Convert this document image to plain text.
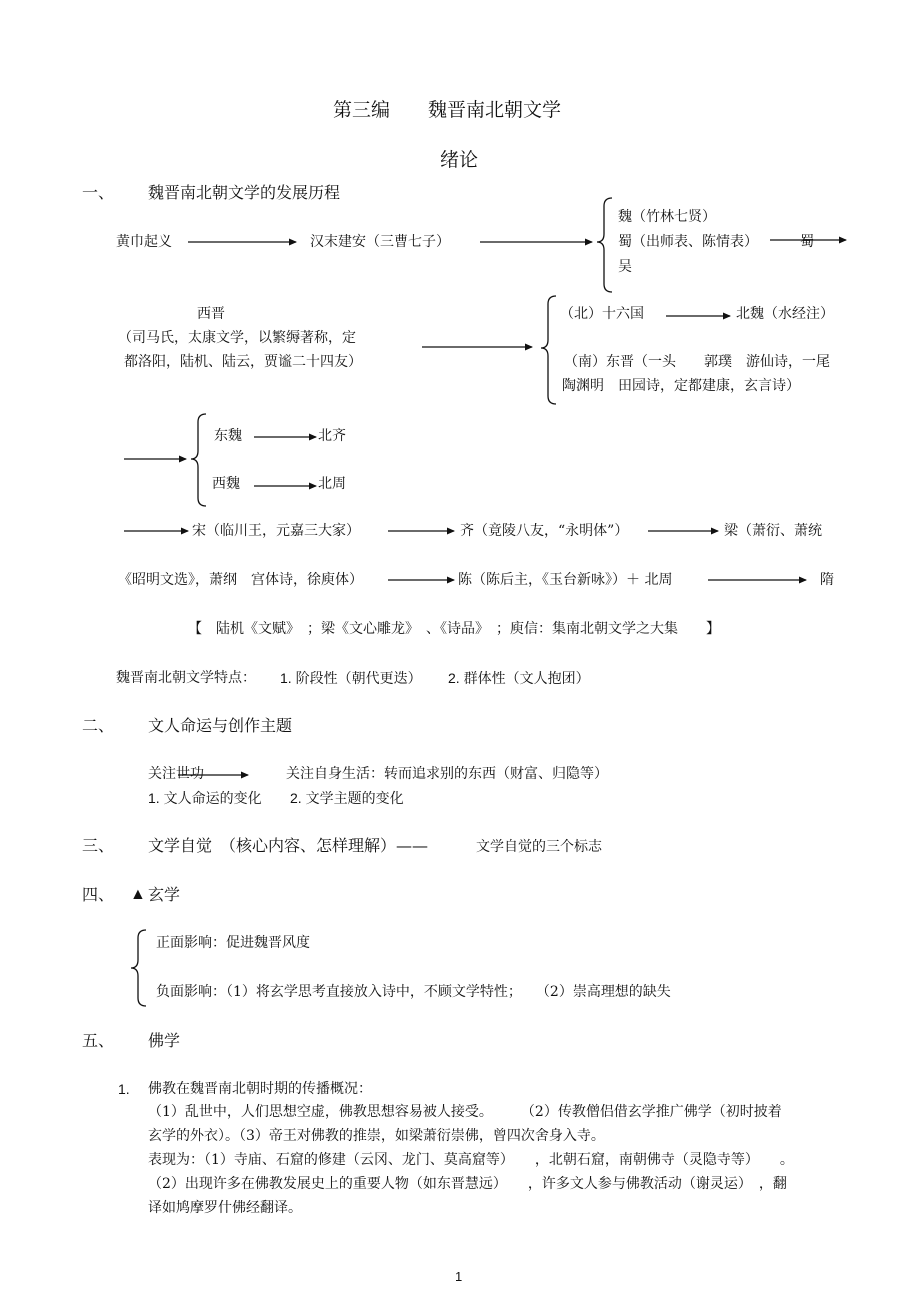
第三编　　魏晋南北朝文学
绪论
一、 魏晋南北朝文学的发展历程
黄巾起义	汉末建安（三曹七子）
魏（竹林七贤）
蜀（出师表、陈情表）	蜀
吴
西晋
（司马氏，太康文学，以繁缛著称，定
都洛阳，陆机、陆云，贾谧二十四友）
（北）十六国	北魏（水经注）
（南）东晋（一头　　郭璞　游仙诗，一尾
陶渊明　田园诗，定都建康，玄言诗）
东魏	北齐
西魏	北周
宋（临川王，元嘉三大家）	齐（竟陵八友，“永明体”）	梁（萧衍、萧统
《昭明文选》，萧纲　宫体诗，徐庾体）	陈（陈后主，《玉台新咏》）＋ 北周	隋
【　陆机《文赋》　；梁《文心雕龙》　、《诗品》　；庾信：集南北朝文学之大集　　】
魏晋南北朝文学特点： 1. 阶段性（朝代更迭） 2. 群体性（文人抱团）
二、 文人命运与创作主题
关注世功	关注自身生活：转而追求别的东西（财富、归隐等）
1. 文人命运的变化 2. 文学主题的变化
三、 文学自觉　（核心内容、怎样理解）——	文学自觉的三个标志
四、 ▲ 玄学
正面影响：促进魏晋风度
负面影响：（1）将玄学思考直接放入诗中，不顾文学特性；　　（2）崇高理想的缺失
五、 佛学
1. 佛教在魏晋南北朝时期的传播概况：
（1）乱世中，人们思想空虚，佛教思想容易被人接受。　　　（2）传教僧侣借玄学推广佛学（初时披着
玄学的外衣）。（3）帝王对佛教的推崇，如梁萧衍崇佛，曾四次舍身入寺。
表现为：（1）寺庙、石窟的修建（云冈、龙门、莫高窟等）　　，北朝石窟，南朝佛寺（灵隐寺等）　　。
（2）出现许多在佛教发展史上的重要人物（如东晋慧远）　　，许多文人参与佛教活动（谢灵运）　，翻
译如鸠摩罗什佛经翻译。
1
